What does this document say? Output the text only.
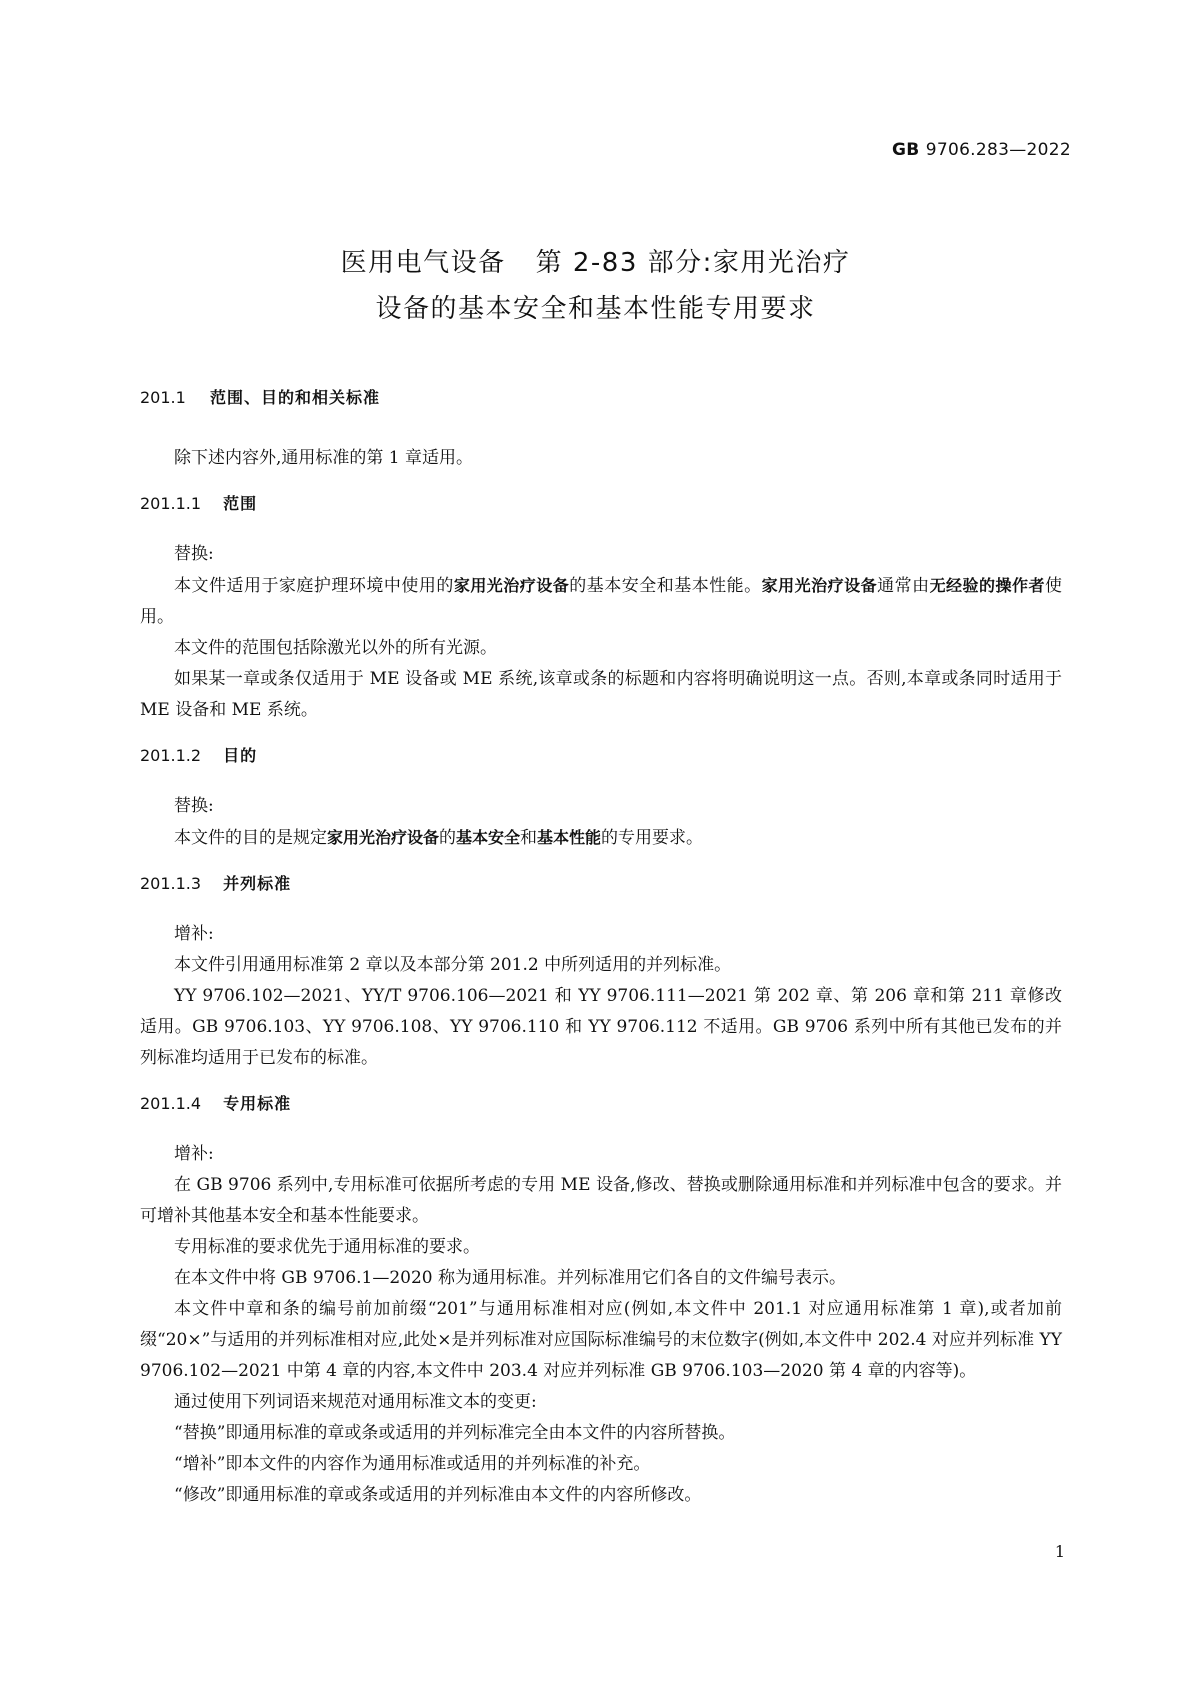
GB 9706.283—2022
医用电气设备 第 2-83 部分:家用光治疗
设备的基本安全和基本性能专用要求

201.1 范围、目的和相关标准

除下述内容外,通用标准的第 1 章适用。

201.1.1 范围

替换:

本文件适用于家庭护理环境中使用的家用光治疗设备的基本安全和基本性能。家用光治疗设备通常由无经验的操作者使用。

本文件的范围包括除激光以外的所有光源。

如果某一章或条仅适用于 ME 设备或 ME 系统,该章或条的标题和内容将明确说明这一点。否则,本章或条同时适用于 ME 设备和 ME 系统。

201.1.2 目的

替换:

本文件的目的是规定家用光治疗设备的基本安全和基本性能的专用要求。

201.1.3 并列标准

增补:

本文件引用通用标准第 2 章以及本部分第 201.2 中所列适用的并列标准。

YY 9706.102—2021、YY/T 9706.106—2021 和 YY 9706.111—2021 第 202 章、第 206 章和第 211 章修改适用。GB 9706.103、YY 9706.108、YY 9706.110 和 YY 9706.112 不适用。GB 9706 系列中所有其他已发布的并列标准均适用于已发布的标准。

201.1.4 专用标准

增补:

在 GB 9706 系列中,专用标准可依据所考虑的专用 ME 设备,修改、替换或删除通用标准和并列标准中包含的要求。并可增补其他基本安全和基本性能要求。

专用标准的要求优先于通用标准的要求。

在本文件中将 GB 9706.1—2020 称为通用标准。并列标准用它们各自的文件编号表示。

本文件中章和条的编号前加前缀“201”与通用标准相对应(例如,本文件中 201.1 对应通用标准第 1 章),或者加前缀“20×”与适用的并列标准相对应,此处×是并列标准对应国际标准编号的末位数字(例如,本文件中 202.4 对应并列标准 YY 9706.102—2021 中第 4 章的内容,本文件中 203.4 对应并列标准 GB 9706.103—2020 第 4 章的内容等)。

通过使用下列词语来规范对通用标准文本的变更:

“替换”即通用标准的章或条或适用的并列标准完全由本文件的内容所替换。

“增补”即本文件的内容作为通用标准或适用的并列标准的补充。

“修改”即通用标准的章或条或适用的并列标准由本文件的内容所修改。

1
